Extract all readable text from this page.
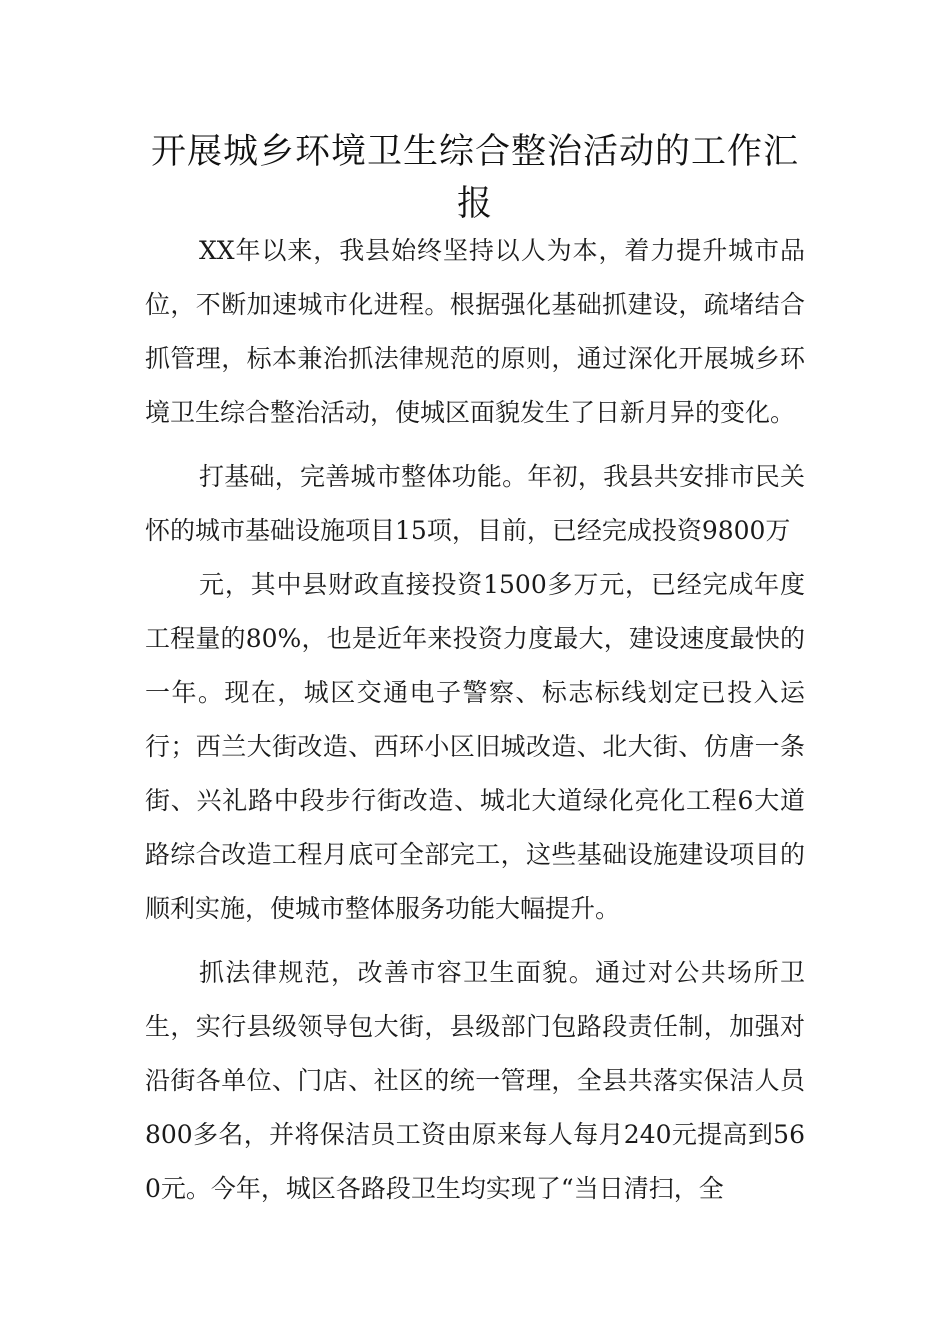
开展城乡环境卫生综合整治活动的工作汇报

XX年以来，我县始终坚持以人为本，着力提升城市品位，不断加速城市化进程。根据强化基础抓建设，疏堵结合抓管理，标本兼治抓法律规范的原则，通过深化开展城乡环境卫生综合整治活动，使城区面貌发生了日新月异的变化。

打基础，完善城市整体功能。年初，我县共安排市民关怀的城市基础设施项目15项，目前，已经完成投资9800万

元，其中县财政直接投资1500多万元，已经完成年度工程量的80%，也是近年来投资力度最大，建设速度最快的一年。现在，城区交通电子警察、标志标线划定已投入运行；西兰大街改造、西环小区旧城改造、北大街、仿唐一条街、兴礼路中段步行街改造、城北大道绿化亮化工程6大道路综合改造工程月底可全部完工，这些基础设施建设项目的顺利实施，使城市整体服务功能大幅提升。

抓法律规范，改善市容卫生面貌。通过对公共场所卫生，实行县级领导包大街，县级部门包路段责任制，加强对沿街各单位、门店、社区的统一管理，全县共落实保洁人员800多名，并将保洁员工资由原来每人每月240元提高到560元。今年，城区各路段卫生均实现了“当日清扫，全
